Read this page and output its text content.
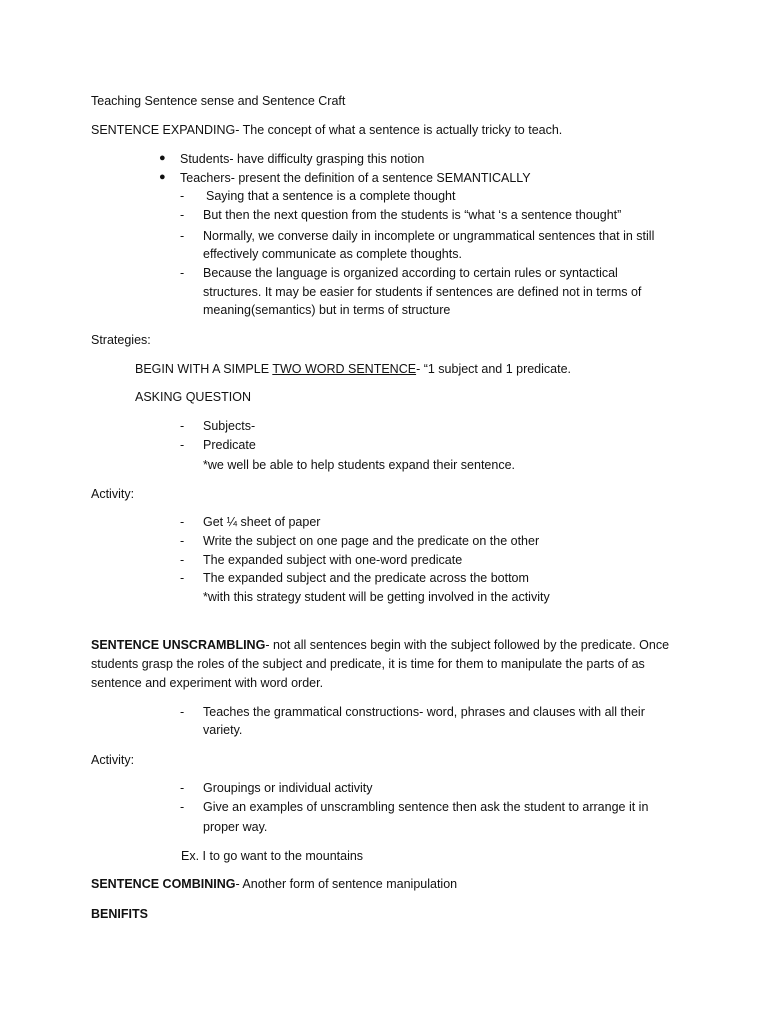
Teaching Sentence sense and Sentence Craft
SENTENCE EXPANDING- The concept of what a sentence is actually tricky to teach.
● Students- have difficulty grasping this notion
● Teachers- present the definition of a sentence SEMANTICALLY
- Saying that a sentence is a complete thought
- But then the next question from the students is “what ‘s a sentence thought”
- Normally, we converse daily in incomplete or ungrammatical sentences that in still
effectively communicate as complete thoughts.
- Because the language is organized according to certain rules or syntactical
structures. It may be easier for students if sentences are defined not in terms of
meaning(semantics) but in terms of structure
Strategies:
BEGIN WITH A SIMPLE TWO WORD SENTENCE- “1 subject and 1 predicate.
ASKING QUESTION
- Subjects-
- Predicate
*we well be able to help students expand their sentence.
Activity:
- Get ¼ sheet of paper
- Write the subject on one page and the predicate on the other
- The expanded subject with one-word predicate
- The expanded subject and the predicate across the bottom
*with this strategy student will be getting involved in the activity
SENTENCE UNSCRAMBLING- not all sentences begin with the subject followed by the predicate. Once
students grasp the roles of the subject and predicate, it is time for them to manipulate the parts of as
sentence and experiment with word order.
- Teaches the grammatical constructions- word, phrases and clauses with all their
variety.
Activity:
- Groupings or individual activity
- Give an examples of unscrambling sentence then ask the student to arrange it in
proper way.
Ex. I to go want to the mountains
SENTENCE COMBINING- Another form of sentence manipulation
BENIFITS
